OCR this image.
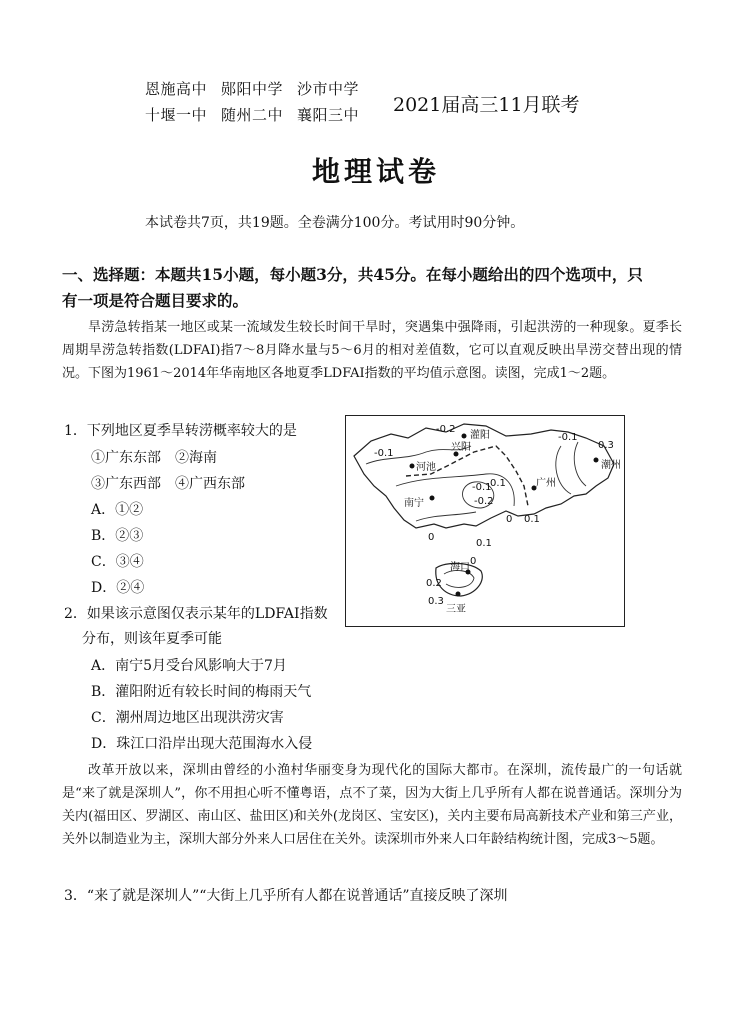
恩施高中 郧阳中学 沙市中学
十堰一中 随州二中 襄阳三中	2021届高三11月联考
地理试卷
本试卷共7页，共19题。全卷满分100分。考试用时90分钟。
一、选择题：本题共15小题，每小题3分，共45分。在每小题给出的四个选项中，只
有一项是符合题目要求的。
旱涝急转指某一地区或某一流域发生较长时间干旱时，突遇集中强降雨，引起洪涝的一种现象。夏季长周期旱涝急转指数(LDFAI)指7～8月降水量与5～6月的相对差值数，它可以直观反映出旱涝交替出现的情况。下图为1961～2014年华南地区各地夏季LDFAI指数的平均值示意图。读图，完成1～2题。
1．下列地区夏季旱转涝概率较大的是
①广东东部　②海南
③广东西部　④广西东部
A．①②
B．②③
C．③④
D．②④
2．如果该示意图仅表示某年的LDFAI指数
分布，则该年夏季可能
A．南宁5月受台风影响大于7月
B．灌阳附近有较长时间的梅雨天气
C．潮州周边地区出现洪涝灾害
D．珠江口沿岸出现大范围海水入侵
改革开放以来，深圳由曾经的小渔村华丽变身为现代化的国际大都市。在深圳，流传最广的一句话就是“来了就是深圳人”，你不用担心听不懂粤语，点不了菜，因为大街上几乎所有人都在说普通话。深圳分为关内(福田区、罗湖区、南山区、盐田区)和关外(龙岗区、宝安区)，关内主要布局高新技术产业和第三产业，关外以制造业为主，深圳大部分外来人口居住在关外。读深圳市外来人口年龄结构统计图，完成3～5题。
3．“来了就是深圳人”“大街上几乎所有人都在说普通话”直接反映了深圳
灌阳
兴阳
河池	潮州
南宁
广州
海口
三亚
-0.2
-0.1
-0.1
0.3
-0.1
0.1
-0.2
0 0.1
0
0.1
0
0.2
0.3
